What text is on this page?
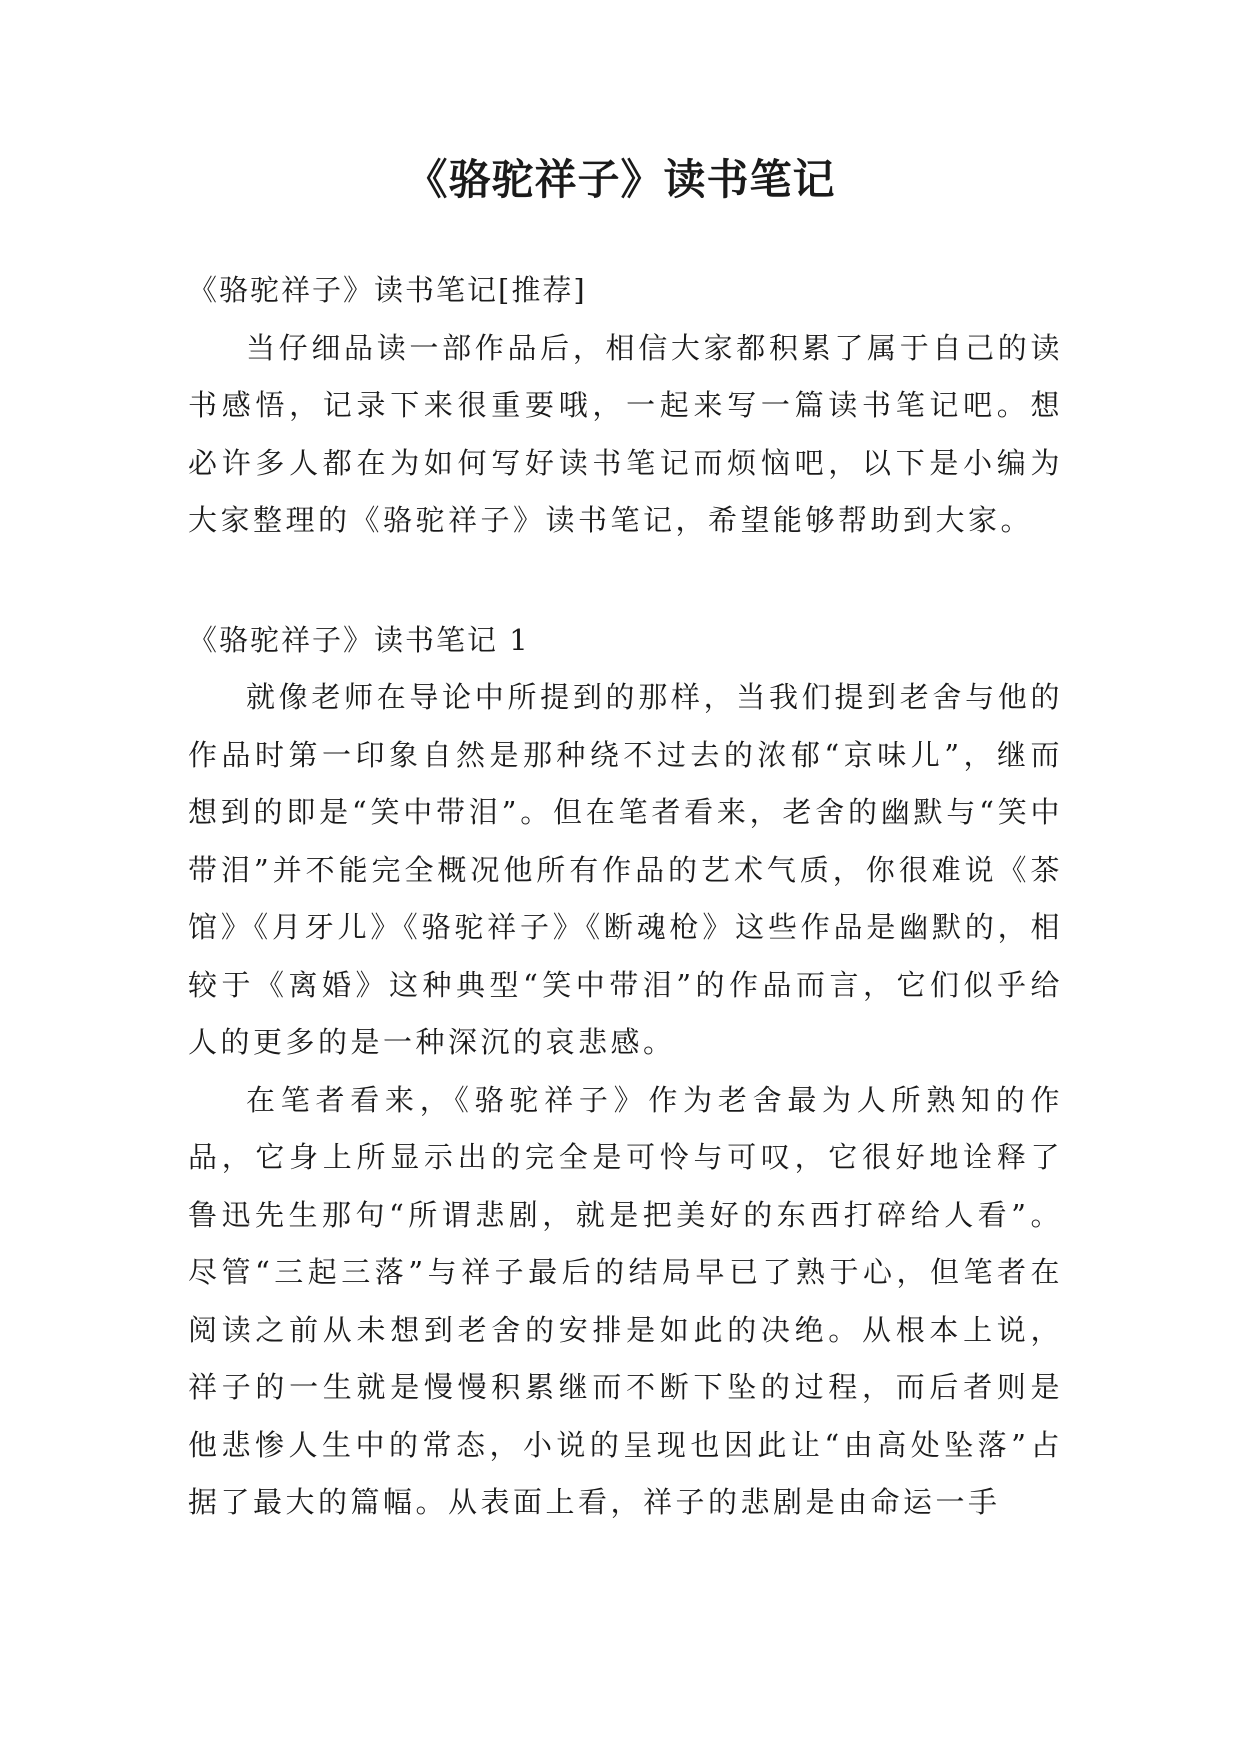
《骆驼祥子》读书笔记

《骆驼祥子》读书笔记[推荐]

当仔细品读一部作品后，相信大家都积累了属于自己的读书感悟，记录下来很重要哦，一起来写一篇读书笔记吧。想必许多人都在为如何写好读书笔记而烦恼吧，以下是小编为大家整理的《骆驼祥子》读书笔记，希望能够帮助到大家。

《骆驼祥子》读书笔记 1

就像老师在导论中所提到的那样，当我们提到老舍与他的作品时第一印象自然是那种绕不过去的浓郁“京味儿”，继而想到的即是“笑中带泪”。但在笔者看来，老舍的幽默与“笑中带泪”并不能完全概况他所有作品的艺术气质，你很难说《茶馆》《月牙儿》《骆驼祥子》《断魂枪》这些作品是幽默的，相较于《离婚》这种典型“笑中带泪”的作品而言，它们似乎给人的更多的是一种深沉的哀悲感。

在笔者看来，《骆驼祥子》作为老舍最为人所熟知的作品，它身上所显示出的完全是可怜与可叹，它很好地诠释了鲁迅先生那句“所谓悲剧，就是把美好的东西打碎给人看”。尽管“三起三落”与祥子最后的结局早已了熟于心，但笔者在阅读之前从未想到老舍的安排是如此的决绝。从根本上说，祥子的一生就是慢慢积累继而不断下坠的过程，而后者则是他悲惨人生中的常态，小说的呈现也因此让“由高处坠落”占据了最大的篇幅。从表面上看，祥子的悲剧是由命运一手
